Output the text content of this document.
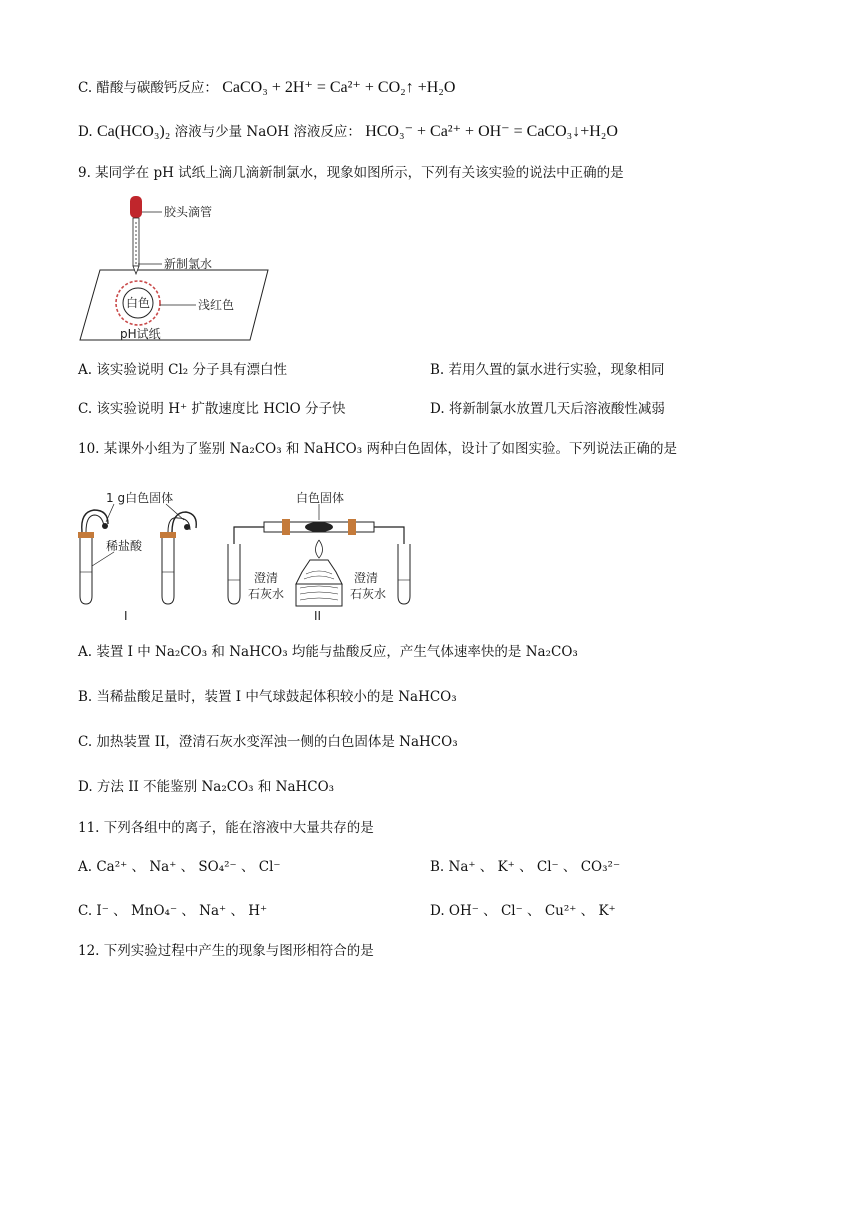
C. 醋酸与碳酸钙反应： CaCO₃ + 2H⁺ = Ca²⁺ + CO₂↑ +H₂O
D. Ca(HCO₃)₂ 溶液与少量 NaOH 溶液反应： HCO₃⁻ + Ca²⁺ + OH⁻ = CaCO₃↓+H₂O
9. 某同学在 pH 试纸上滴几滴新制氯水，现象如图所示，下列有关该实验的说法中正确的是
胶头滴管
新制氯水
白色	浅红色
pH试纸
A. 该实验说明 Cl₂ 分子具有漂白性	B. 若用久置的氯水进行实验，现象相同
C. 该实验说明 H⁺ 扩散速度比 HClO 分子快	D. 将新制氯水放置几天后溶液酸性减弱
10. 某课外小组为了鉴别 Na₂CO₃ 和 NaHCO₃ 两种白色固体，设计了如图实验。下列说法正确的是
1 g白色固体
稀盐酸
I
白色固体
澄清
石灰水
澄清
石灰水
II
A. 装置 I 中 Na₂CO₃ 和 NaHCO₃ 均能与盐酸反应，产生气体速率快的是 Na₂CO₃
B. 当稀盐酸足量时，装置 I 中气球鼓起体积较小的是 NaHCO₃
C. 加热装置 II，澄清石灰水变浑浊一侧的白色固体是 NaHCO₃
D. 方法 II 不能鉴别 Na₂CO₃ 和 NaHCO₃
11. 下列各组中的离子，能在溶液中大量共存的是
A. Ca²⁺ 、 Na⁺ 、 SO₄²⁻ 、 Cl⁻	B. Na⁺ 、 K⁺ 、 Cl⁻ 、 CO₃²⁻
C. I⁻ 、 MnO₄⁻ 、 Na⁺ 、 H⁺	D. OH⁻ 、 Cl⁻ 、 Cu²⁺ 、 K⁺
12. 下列实验过程中产生的现象与图形相符合的是
